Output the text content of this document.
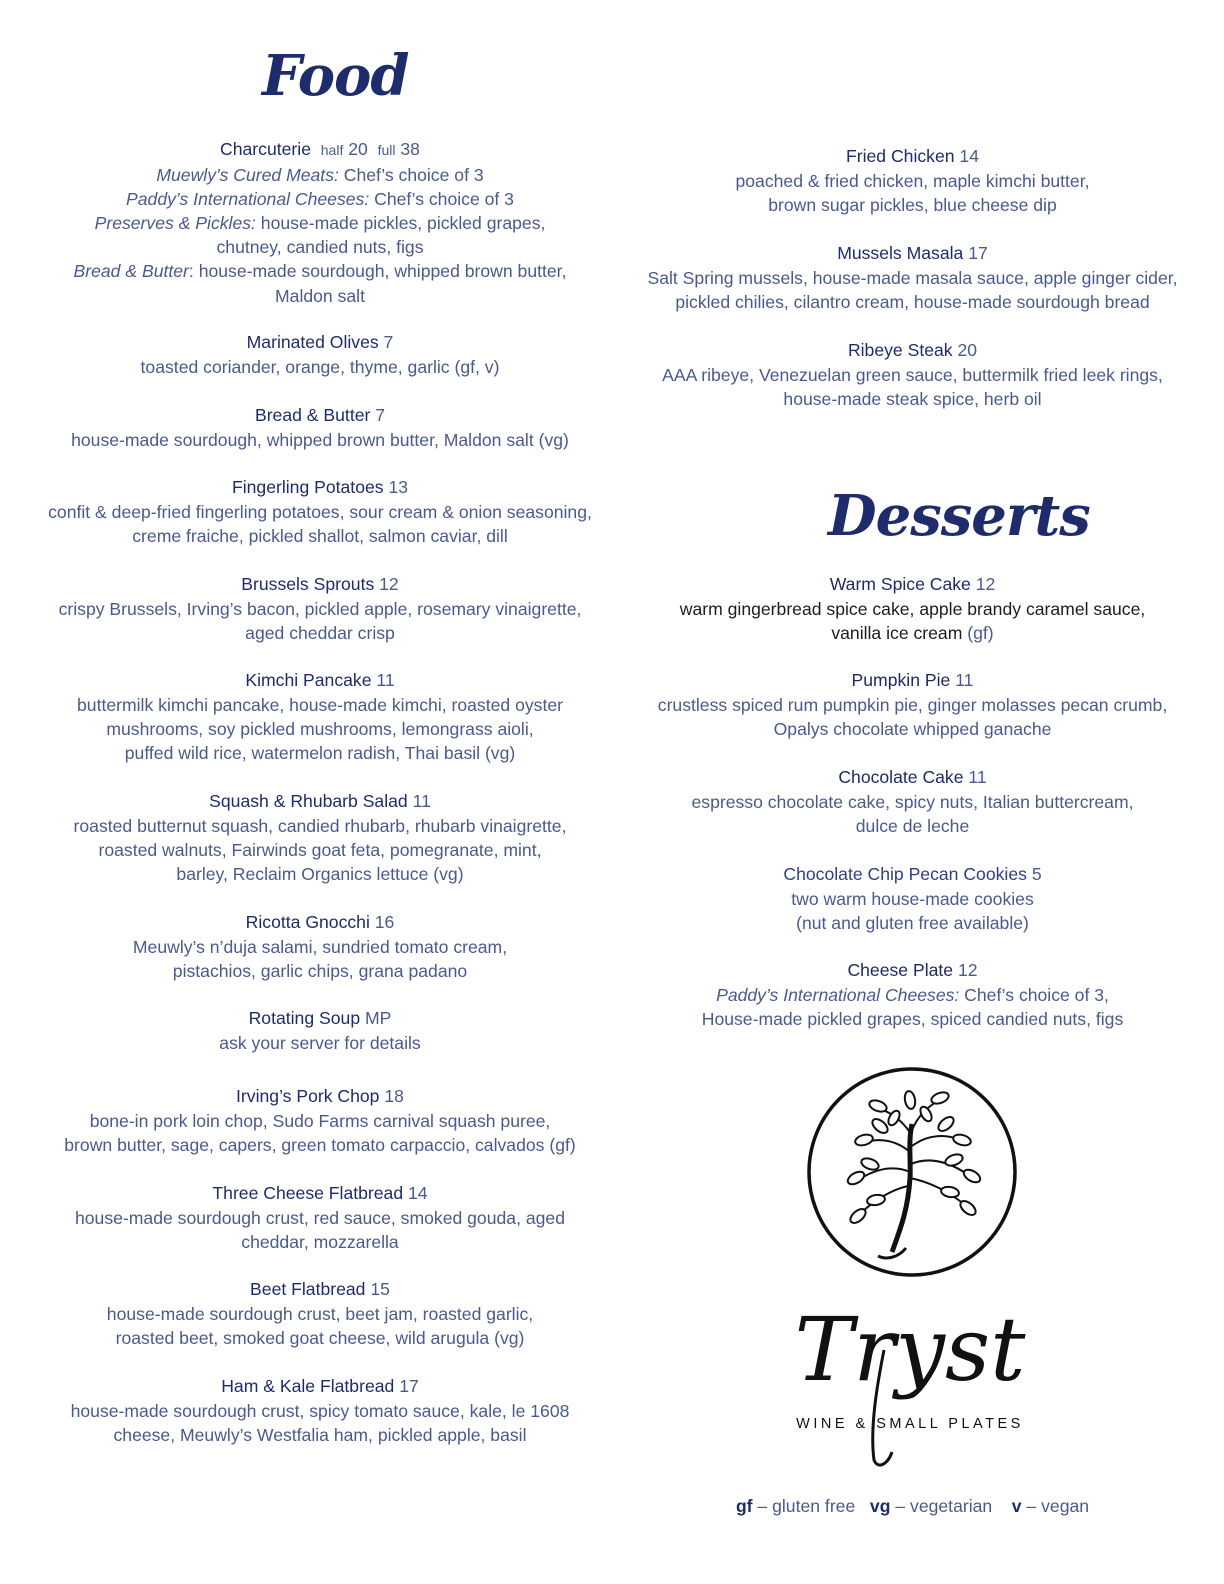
Food
Desserts
Charcuterie half 20 full 38
Muewly’s Cured Meats: Chef’s choice of 3
Paddy’s International Cheeses: Chef’s choice of 3
Preserves & Pickles: house-made pickles, pickled grapes,
chutney, candied nuts, figs
Bread & Butter: house-made sourdough, whipped brown butter,
Maldon salt
Marinated Olives 7
toasted coriander, orange, thyme, garlic (gf, v)
Bread & Butter 7
house-made sourdough, whipped brown butter, Maldon salt (vg)
Fingerling Potatoes 13
confit & deep-fried fingerling potatoes, sour cream & onion seasoning,
creme fraiche, pickled shallot, salmon caviar, dill
Brussels Sprouts 12
crispy Brussels, Irving’s bacon, pickled apple, rosemary vinaigrette,
aged cheddar crisp
Kimchi Pancake 11
buttermilk kimchi pancake, house-made kimchi, roasted oyster
mushrooms, soy pickled mushrooms, lemongrass aioli,
puffed wild rice, watermelon radish, Thai basil (vg)
Squash & Rhubarb Salad 11
roasted butternut squash, candied rhubarb, rhubarb vinaigrette,
roasted walnuts, Fairwinds goat feta, pomegranate, mint,
barley, Reclaim Organics lettuce (vg)
Ricotta Gnocchi 16
Meuwly’s n’duja salami, sundried tomato cream,
pistachios, garlic chips, grana padano
Rotating Soup MP
ask your server for details
Irving’s Pork Chop 18
bone-in pork loin chop, Sudo Farms carnival squash puree,
brown butter, sage, capers, green tomato carpaccio, calvados (gf)
Three Cheese Flatbread 14
house-made sourdough crust, red sauce, smoked gouda, aged
cheddar, mozzarella
Beet Flatbread 15
house-made sourdough crust, beet jam, roasted garlic,
roasted beet, smoked goat cheese, wild arugula (vg)
Ham & Kale Flatbread 17
house-made sourdough crust, spicy tomato sauce, kale, le 1608
cheese, Meuwly’s Westfalia ham, pickled apple, basil
Fried Chicken 14
poached & fried chicken, maple kimchi butter,
brown sugar pickles, blue cheese dip
Mussels Masala 17
Salt Spring mussels, house-made masala sauce, apple ginger cider,
pickled chilies, cilantro cream, house-made sourdough bread
Ribeye Steak 20
AAA ribeye, Venezuelan green sauce, buttermilk fried leek rings,
house-made steak spice, herb oil
Warm Spice Cake 12
warm gingerbread spice cake, apple brandy caramel sauce,
vanilla ice cream (gf)
Pumpkin Pie 11
crustless spiced rum pumpkin pie, ginger molasses pecan crumb,
Opalys chocolate whipped ganache
Chocolate Cake 11
espresso chocolate cake, spicy nuts, Italian buttercream,
dulce de leche
Chocolate Chip Pecan Cookies 5
two warm house-made cookies
(nut and gluten free available)
Cheese Plate 12
Paddy’s International Cheeses: Chef’s choice of 3,
House-made pickled grapes, spiced candied nuts, figs
Tryst
WINE & SMALL PLATES
gf – gluten free vg – vegetarian v – vegan
